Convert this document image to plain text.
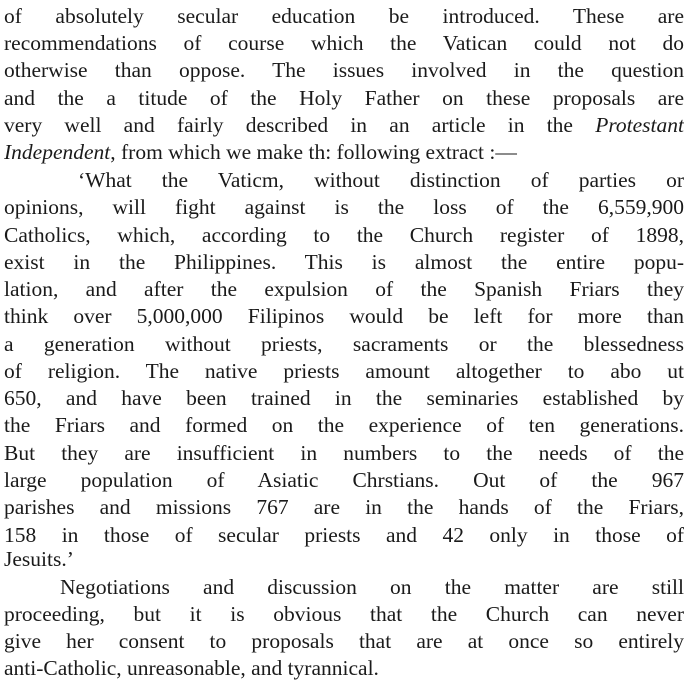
of absolutely secular education be introduced. These are
recommendations of course which the Vatican could not do
otherwise than oppose. The issues involved in the question
and the a titude of the Holy Father on these proposals are
very well and fairly described in an article in the Protestant
Independent, from which we make th: following extract :—
‘What the Vaticm, without distinction of parties or
opinions, will fight against is the loss of the 6,559,900
Catholics, which, according to the Church register of 1898,
exist in the Philippines. This is almost the entire popu-
lation, and after the expulsion of the Spanish Friars they
think over 5,000,000 Filipinos would be left for more than
a generation without priests, sacraments or the blessedness
of religion. The native priests amount altogether to abo ut
650, and have been trained in the seminaries established by
the Friars and formed on the experience of ten generations.
But they are insufficient in numbers to the needs of the
large population of Asiatic Chrstians. Out of the 967
parishes and missions 767 are in the hands of the Friars,
158 in those of secular priests and 42 only in those of
Jesuits.’
Negotiations and discussion on the matter are still
proceeding, but it is obvious that the Church can never
give her consent to proposals that are at once so entirely
anti-Catholic, unreasonable, and tyrannical.
